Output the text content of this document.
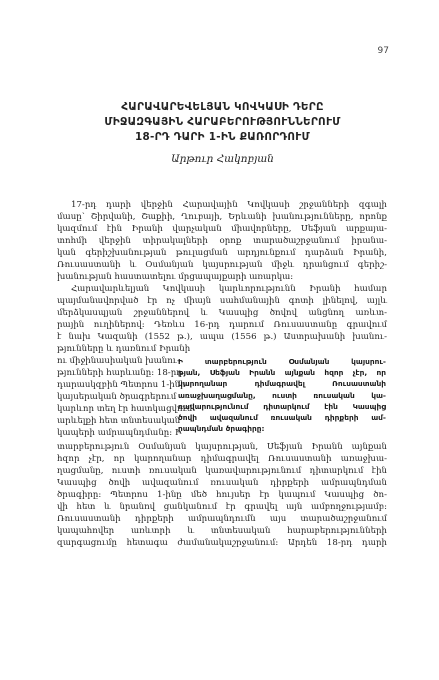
97
ՀԱՐԱՎԱՐԵՎԵԼՅԱՆ ԿՈՎԿԱՍԻ ԴԵՐԸ
ՄԻՋԱԶԳԱՅԻՆ ՀԱՐԱԲԵՐՈՒԹՅՈՒՆՆԵՐՈՒՄ
18-ՐԴ ԴԱՐԻ 1-ԻՆ ՔԱՌՈՐԴՈՒՄ
Արթուր Հակոբյան
17-րդ դարի վերջին Հարավային Կովկասի շրջանների զգալի
մասը՝ Շիրվանի, Շաքիի, Ղուբայի, Երևանի խանությունները, որոնք
կազմում էին Իրանի վարչական միավորները, Սեֆյան արքայա-
տոհմի վերջին տիրակալների օրոք տարածաշրջանում իրանա-
կան գերիշխանության թուլացման արդյունքում դարձան Իրանի,
Ռուսաստանի և Օսմանյան կայսրության միջև դրանցում գերիշ-
խանության հաստատելու մրցապայքարի առարկա:
Հարավարևելյան Կովկասի կարևորությունն Իրանի համար
պայմանավորված էր ոչ միայն սահմանային գոտի լինելով, այլև
մերձկասպյան շրջաններով և Կասպից ծովով անցնող առևտ-
րային ուղիներով: Դեռևս 16-րդ դարում Ռուսաստանը գրավում
է նախ Կազանի (1552 թ.), ապա (1556 թ.) Աստրախանի խանու-
թյունները և դառնում Իրանի
ու միջինասիական խանու-
թյունների հարևանը: 18-րդ
դարասկզբին Պետրոս 1-ինի
կայսերական ծրագրերում
կարևոր տեղ էր հատկացվում
արևելքի հետ տնտեսական
կապերի ամրապնդմանը: Ի
Ի տարբերություն Օսմանյան կայսրու-
թյան, Սեֆյան Իրանն այնքան հզոր չէր, որ
կարողանար դիմագրավել Ռուսաստանի
առաջխաղացմանը, ուստի ռուսական կա-
ռավարությունում դիտարկում էին Կասպից
ծովի ավազանում ռուսական դիրքերի ամ-
րապնդման ծրագիրը:
տարբերություն Օսմանյան կայսրության, Սեֆյան Իրանն այնքան
հզոր չէր, որ կարողանար դիմագրավել Ռուսաստանի առաջխա-
ղացմանը, ուստի ռուսական կառավարությունում դիտարկում էին
Կասպից ծովի ավազանում ռուսական դիրքերի ամրապնդման
ծրագիրը: Պետրոս 1-ինը մեծ հույսեր էր կապում Կասպից ծո-
վի հետ և նրանով ցանկանում էր գրավել այն ամբողջությամբ:
Ռուսաստանի դիրքերի ամրապնդումն այս տարածաշրջանում
կապահովեր առևտրի և տնտեսական հարաբերությունների
զարգացումը հետագա ժամանակաշրջանում: Արդեն 18-րդ դարի
